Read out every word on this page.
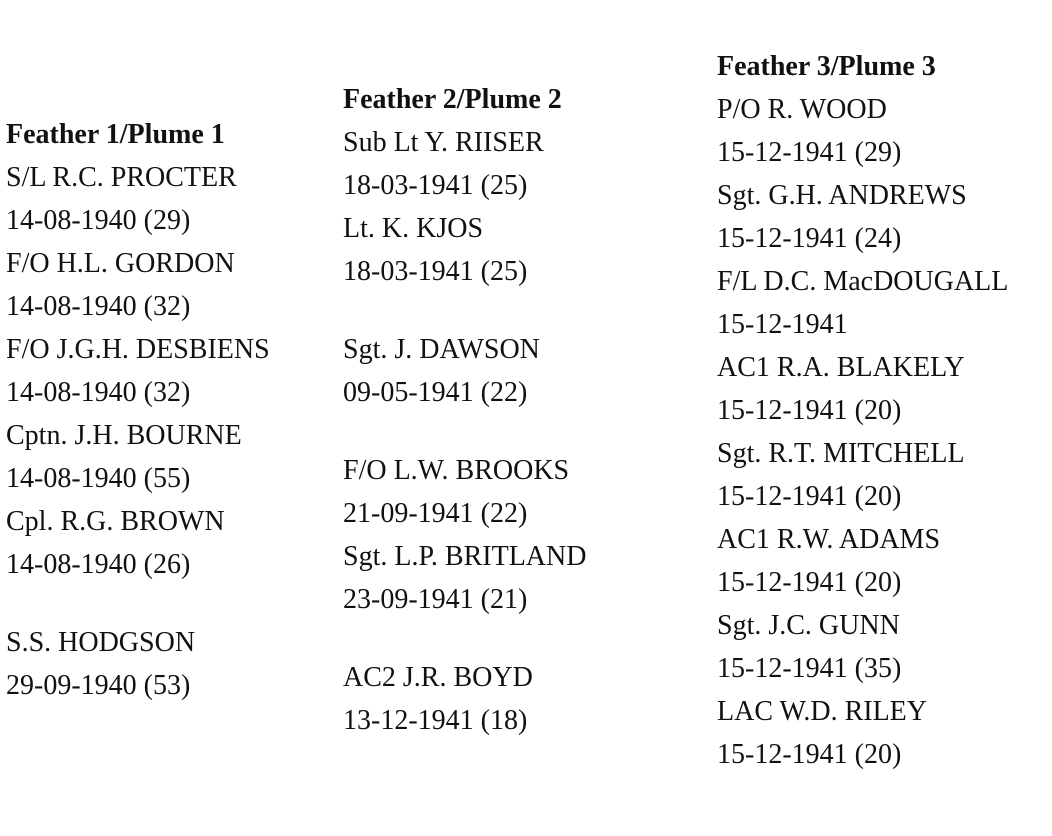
Feather 1/Plume 1
S/L R.C. PROCTER
14-08-1940 (29)
F/O H.L. GORDON
14-08-1940 (32)
F/O J.G.H. DESBIENS
14-08-1940 (32)
Cptn. J.H. BOURNE
14-08-1940 (55)
Cpl. R.G. BROWN
14-08-1940 (26)
S.S. HODGSON
29-09-1940 (53)
Feather 2/Plume 2
Sub Lt Y. RIISER
18-03-1941 (25)
Lt. K. KJOS
18-03-1941 (25)
Sgt. J. DAWSON
09-05-1941 (22)
F/O L.W. BROOKS
21-09-1941 (22)
Sgt. L.P. BRITLAND
23-09-1941 (21)
AC2 J.R. BOYD
13-12-1941 (18)
Feather 3/Plume 3
P/O R. WOOD
15-12-1941 (29)
Sgt. G.H. ANDREWS
15-12-1941 (24)
F/L D.C. MacDOUGALL
15-12-1941
AC1 R.A. BLAKELY
15-12-1941 (20)
Sgt. R.T. MITCHELL
15-12-1941 (20)
AC1 R.W. ADAMS
15-12-1941 (20)
Sgt. J.C. GUNN
15-12-1941 (35)
LAC W.D. RILEY
15-12-1941 (20)
